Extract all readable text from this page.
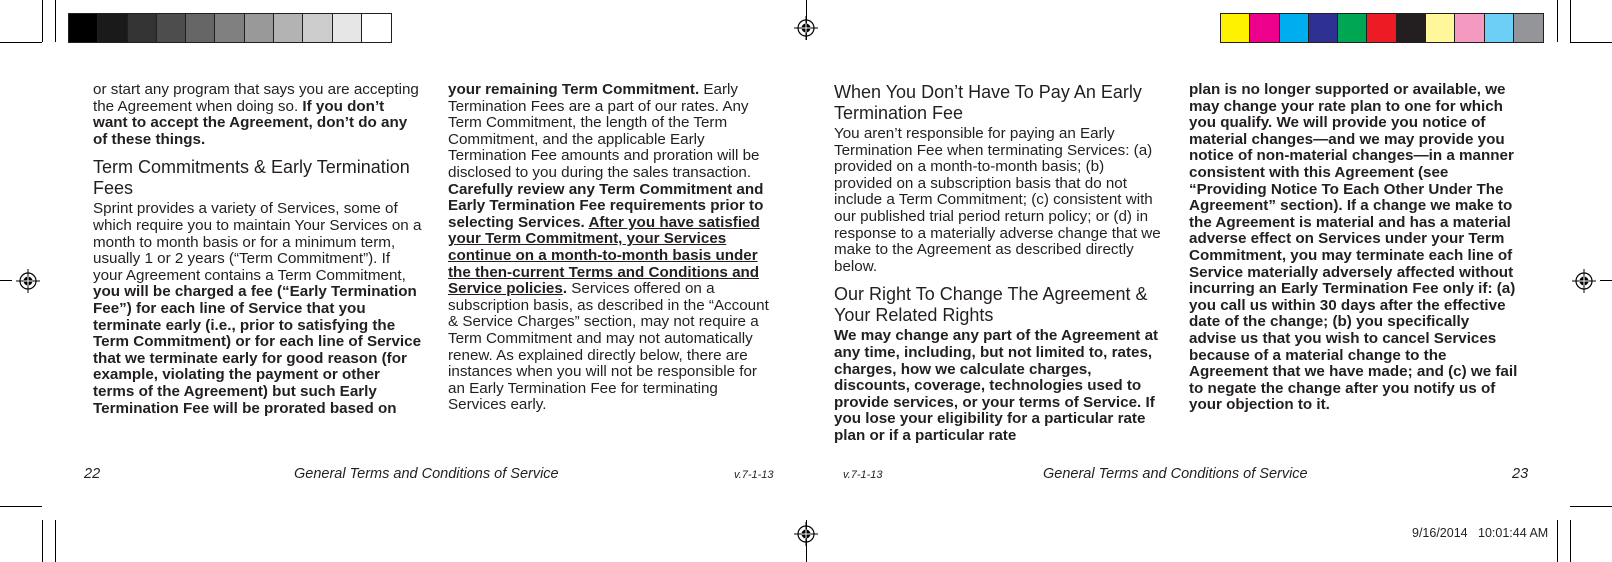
or start any program that says you are accepting the Agreement when doing so. If you don’t want to accept the Agreement, don’t do any of these things.

Term Commitments & Early Termination Fees

Sprint provides a variety of Services, some of which require you to maintain Your Services on a month to month basis or for a minimum term, usually 1 or 2 years (“Term Commitment”). If your Agreement contains a Term Commitment, you will be charged a fee (“Early Termination Fee”) for each line of Service that you terminate early (i.e., prior to satisfying the Term Commitment) or for each line of Service that we terminate early for good reason (for example, violating the payment or other terms of the Agreement) but such Early Termination Fee will be prorated based on

your remaining Term Commitment. Early Termination Fees are a part of our rates. Any Term Commitment, the length of the Term Commitment, and the applicable Early Termination Fee amounts and proration will be disclosed to you during the sales transaction. Carefully review any Term Commitment and Early Termination Fee requirements prior to selecting Services. After you have satisfied your Term Commitment, your Services continue on a month-to-month basis under the then-current Terms and Conditions and Service policies. Services offered on a subscription basis, as described in the “Account & Service Charges” section, may not require a Term Commitment and may not automatically renew. As explained directly below, there are instances when you will not be responsible for an Early Termination Fee for terminating Services early.

22	General Terms and Conditions of Service	v.7-1-13
When You Don’t Have To Pay An Early Termination Fee

You aren’t responsible for paying an Early Termination Fee when terminating Services: (a) provided on a month-to-month basis; (b) provided on a subscription basis that do not include a Term Commitment; (c) consistent with our published trial period return policy; or (d) in response to a materially adverse change that we make to the Agreement as described directly below.

Our Right To Change The Agreement & Your Related Rights

We may change any part of the Agreement at any time, including, but not limited to, rates, charges, how we calculate charges, discounts, coverage, technologies used to provide services, or your terms of Service. If you lose your eligibility for a particular rate plan or if a particular rate

plan is no longer supported or available, we may change your rate plan to one for which you qualify. We will provide you notice of material changes—and we may provide you notice of non-material changes—in a manner consistent with this Agreement (see “Providing Notice To Each Other Under The Agreement” section). If a change we make to the Agreement is material and has a material adverse effect on Services under your Term Commitment, you may terminate each line of Service materially adversely affected without incurring an Early Termination Fee only if: (a) you call us within 30 days after the effective date of the change; (b) you specifically advise us that you wish to cancel Services because of a material change to the Agreement that we have made; and (c) we fail to negate the change after you notify us of your objection to it.

v.7-1-13	General Terms and Conditions of Service	23
9/16/2014   10:01:44 AM
